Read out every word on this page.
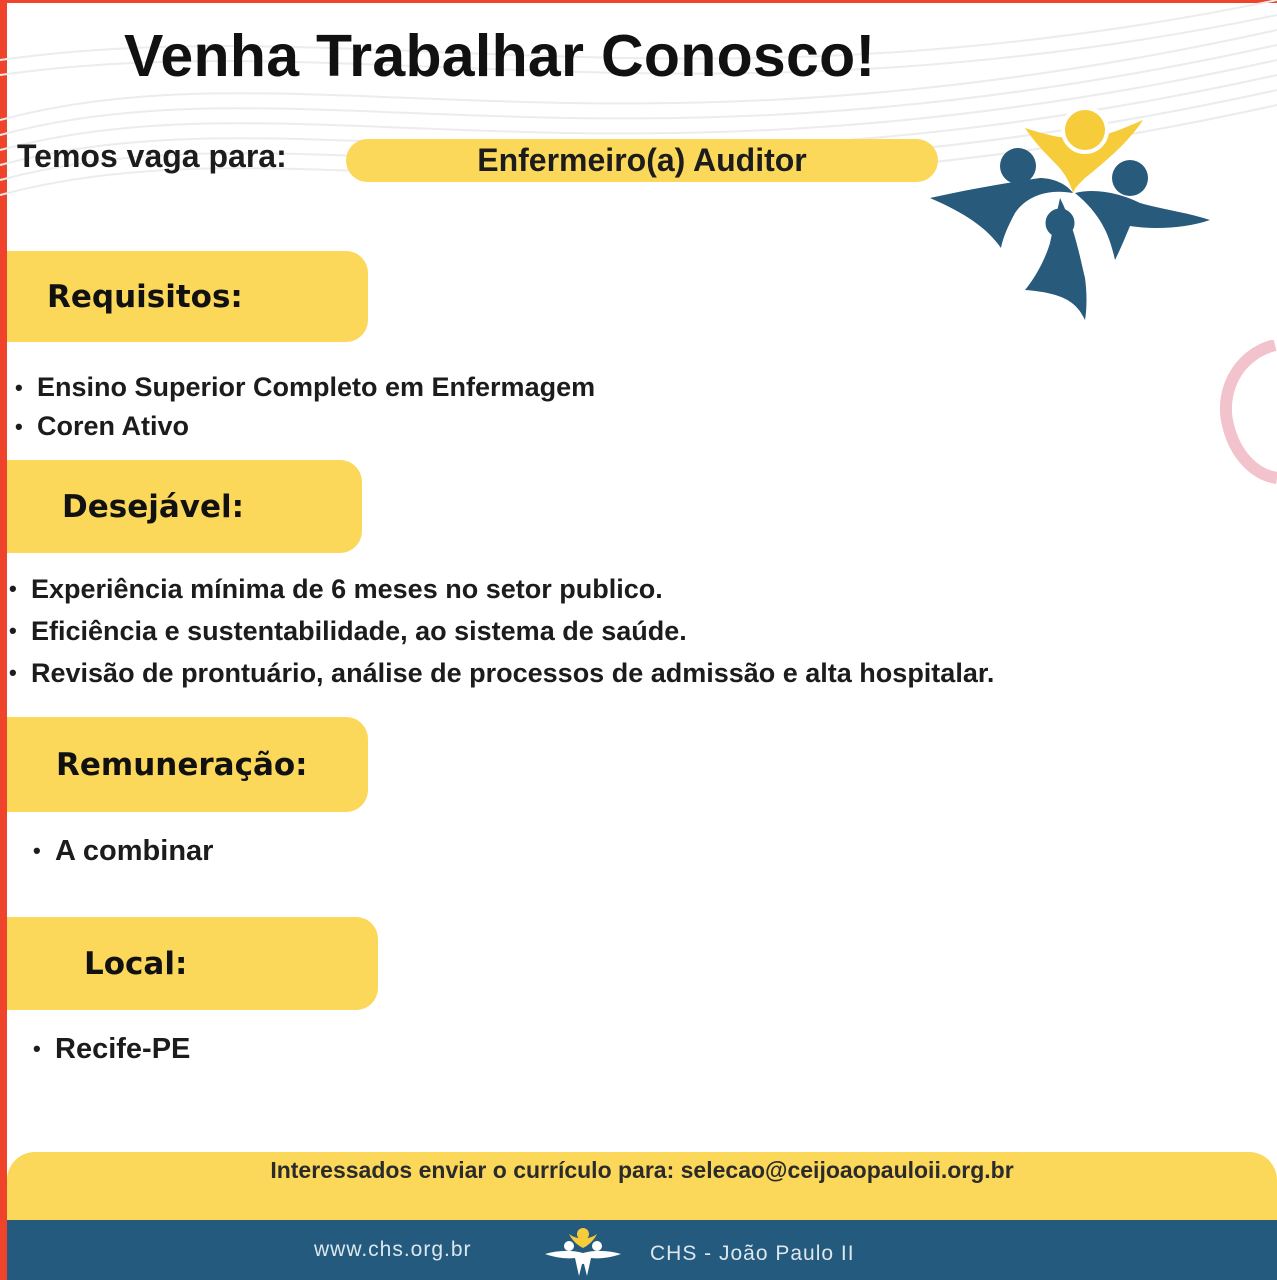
Venha Trabalhar Conosco!
Temos vaga para:	Enfermeiro(a) Auditor
Requisitos:
• Ensino Superior Completo em Enfermagem
• Coren Ativo
Desejável:
• Experiência mínima de 6 meses no setor publico.
• Eficiência e sustentabilidade, ao sistema de saúde.
• Revisão de prontuário, análise de processos de admissão e alta hospitalar.
Remuneração:
• A combinar
Local:
• Recife-PE
Interessados enviar o currículo para: selecao@ceijoaopauloii.org.br
www.chs.org.br	CHS - João Paulo II
